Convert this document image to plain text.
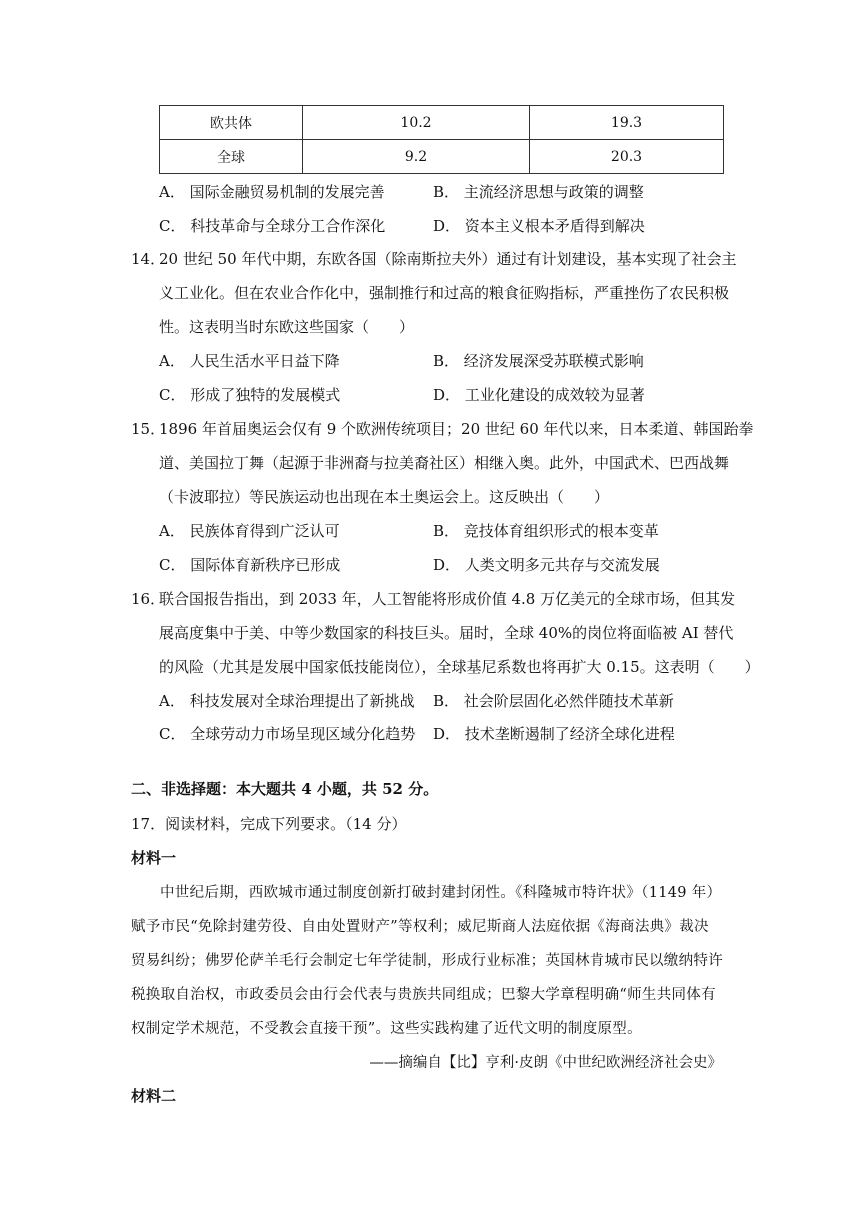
欧共体	10.2	19.3
全球	9.2	20.3
A． 国际金融贸易机制的发展完善	B． 主流经济思想与政策的调整
C． 科技革命与全球分工合作深化	D． 资本主义根本矛盾得到解决
14．
20 世纪 50 年代中期，东欧各国（除南斯拉夫外）通过有计划建设，基本实现了社会主
义工业化。但在农业合作化中，强制推行和过高的粮食征购指标，严重挫伤了农民积极
性。这表明当时东欧这些国家（　　）
A． 人民生活水平日益下降	B． 经济发展深受苏联模式影响
C． 形成了独特的发展模式	D． 工业化建设的成效较为显著
15．
1896 年首届奥运会仅有 9 个欧洲传统项目；20 世纪 60 年代以来，日本柔道、韩国跆拳
道、美国拉丁舞（起源于非洲裔与拉美裔社区）相继入奥。此外，中国武术、巴西战舞
（卡波耶拉）等民族运动也出现在本土奥运会上。这反映出（　　）
A． 民族体育得到广泛认可	B． 竞技体育组织形式的根本变革
C． 国际体育新秩序已形成	D． 人类文明多元共存与交流发展
16．
联合国报告指出，到 2033 年，人工智能将形成价值 4.8 万亿美元的全球市场，但其发
展高度集中于美、中等少数国家的科技巨头。届时，全球 40%的岗位将面临被 AI 替代
的风险（尤其是发展中国家低技能岗位），全球基尼系数也将再扩大 0.15。这表明（　　）
A． 科技发展对全球治理提出了新挑战 B． 社会阶层固化必然伴随技术革新
C． 全球劳动力市场呈现区域分化趋势 D． 技术垄断遏制了经济全球化进程
二、非选择题：本大题共 4 小题，共 52 分。
17．阅读材料，完成下列要求。（14 分）
材料一
中世纪后期，西欧城市通过制度创新打破封建封闭性。《科隆城市特许状》（1149 年）
赋予市民“免除封建劳役、自由处置财产”等权利；威尼斯商人法庭依据《海商法典》裁决
贸易纠纷；佛罗伦萨羊毛行会制定七年学徒制，形成行业标准；英国林肯城市民以缴纳特许
税换取自治权，市政委员会由行会代表与贵族共同组成；巴黎大学章程明确“师生共同体有
权制定学术规范，不受教会直接干预”。这些实践构建了近代文明的制度原型。
——摘编自【比】亨利·皮朗《中世纪欧洲经济社会史》
材料二
